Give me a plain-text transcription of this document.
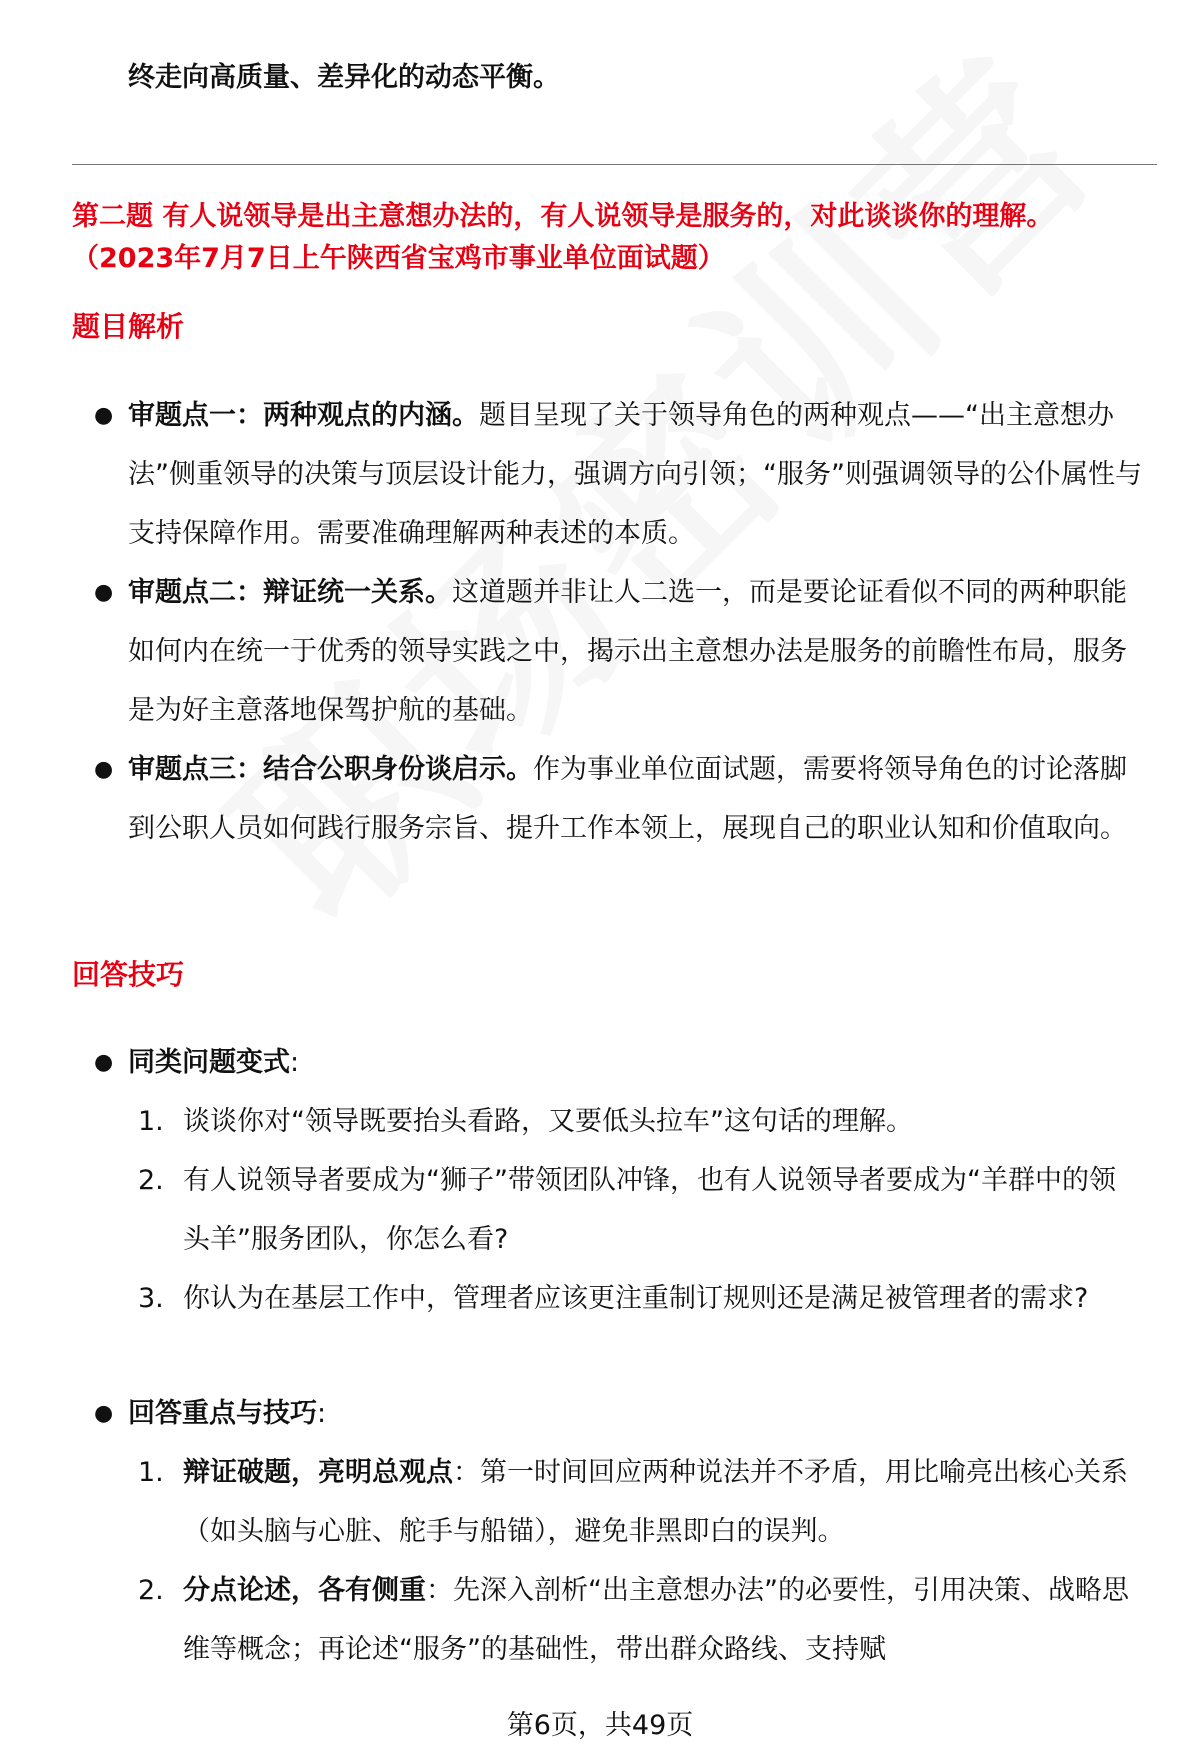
终走向高质量、差异化的动态平衡。
第二题 有人说领导是出主意想办法的，有人说领导是服务的，对此谈谈你的理解。
（2023年7月7日上午陕西省宝鸡市事业单位面试题）
题目解析
● 审题点一：两种观点的内涵。题目呈现了关于领导角色的两种观点——“出主意想办法”侧重领导的决策与顶层设计能力，强调方向引领；“服务”则强调领导的公仆属性与支持保障作用。需要准确理解两种表述的本质。
● 审题点二：辩证统一关系。这道题并非让人二选一，而是要论证看似不同的两种职能如何内在统一于优秀的领导实践之中，揭示出主意想办法是服务的前瞻性布局，服务是为好主意落地保驾护航的基础。
● 审题点三：结合公职身份谈启示。作为事业单位面试题，需要将领导角色的讨论落脚到公职人员如何践行服务宗旨、提升工作本领上，展现自己的职业认知和价值取向。
回答技巧
● 同类问题变式:
1. 谈谈你对“领导既要抬头看路，又要低头拉车”这句话的理解。
2. 有人说领导者要成为“狮子”带领团队冲锋，也有人说领导者要成为“羊群中的领头羊”服务团队，你怎么看?
3. 你认为在基层工作中，管理者应该更注重制订规则还是满足被管理者的需求?
● 回答重点与技巧:
1. 辩证破题，亮明总观点：第一时间回应两种说法并不矛盾，用比喻亮出核心关系（如头脑与心脏、舵手与船锚），避免非黑即白的误判。
2. 分点论述，各有侧重：先深入剖析“出主意想办法”的必要性，引用决策、战略思维等概念；再论述“服务”的基础性，带出群众路线、支持赋
第6页，共49页
